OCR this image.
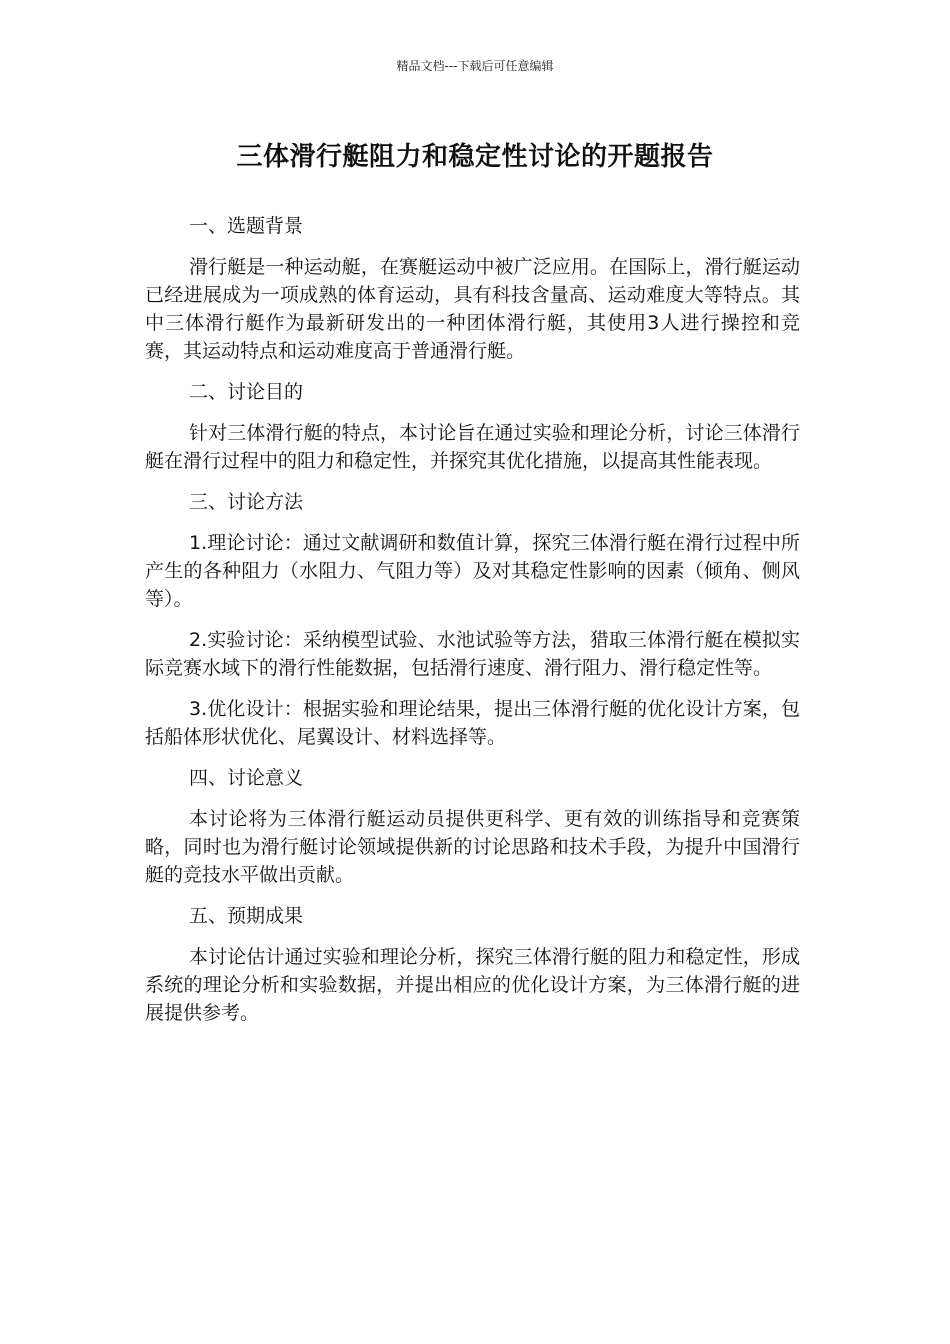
精品文档---下载后可任意编辑
三体滑行艇阻力和稳定性讨论的开题报告

一、选题背景

滑行艇是一种运动艇，在赛艇运动中被广泛应用。在国际上，滑行艇运动已经进展成为一项成熟的体育运动，具有科技含量高、运动难度大等特点。其中三体滑行艇作为最新研发出的一种团体滑行艇，其使用3人进行操控和竞赛，其运动特点和运动难度高于普通滑行艇。

二、讨论目的

针对三体滑行艇的特点，本讨论旨在通过实验和理论分析，讨论三体滑行艇在滑行过程中的阻力和稳定性，并探究其优化措施，以提高其性能表现。

三、讨论方法

1.理论讨论：通过文献调研和数值计算，探究三体滑行艇在滑行过程中所产生的各种阻力（水阻力、气阻力等）及对其稳定性影响的因素（倾角、侧风等）。

2.实验讨论：采纳模型试验、水池试验等方法，猎取三体滑行艇在模拟实际竞赛水域下的滑行性能数据，包括滑行速度、滑行阻力、滑行稳定性等。

3.优化设计：根据实验和理论结果，提出三体滑行艇的优化设计方案，包括船体形状优化、尾翼设计、材料选择等。

四、讨论意义

本讨论将为三体滑行艇运动员提供更科学、更有效的训练指导和竞赛策略，同时也为滑行艇讨论领域提供新的讨论思路和技术手段，为提升中国滑行艇的竞技水平做出贡献。

五、预期成果

本讨论估计通过实验和理论分析，探究三体滑行艇的阻力和稳定性，形成系统的理论分析和实验数据，并提出相应的优化设计方案，为三体滑行艇的进展提供参考。
